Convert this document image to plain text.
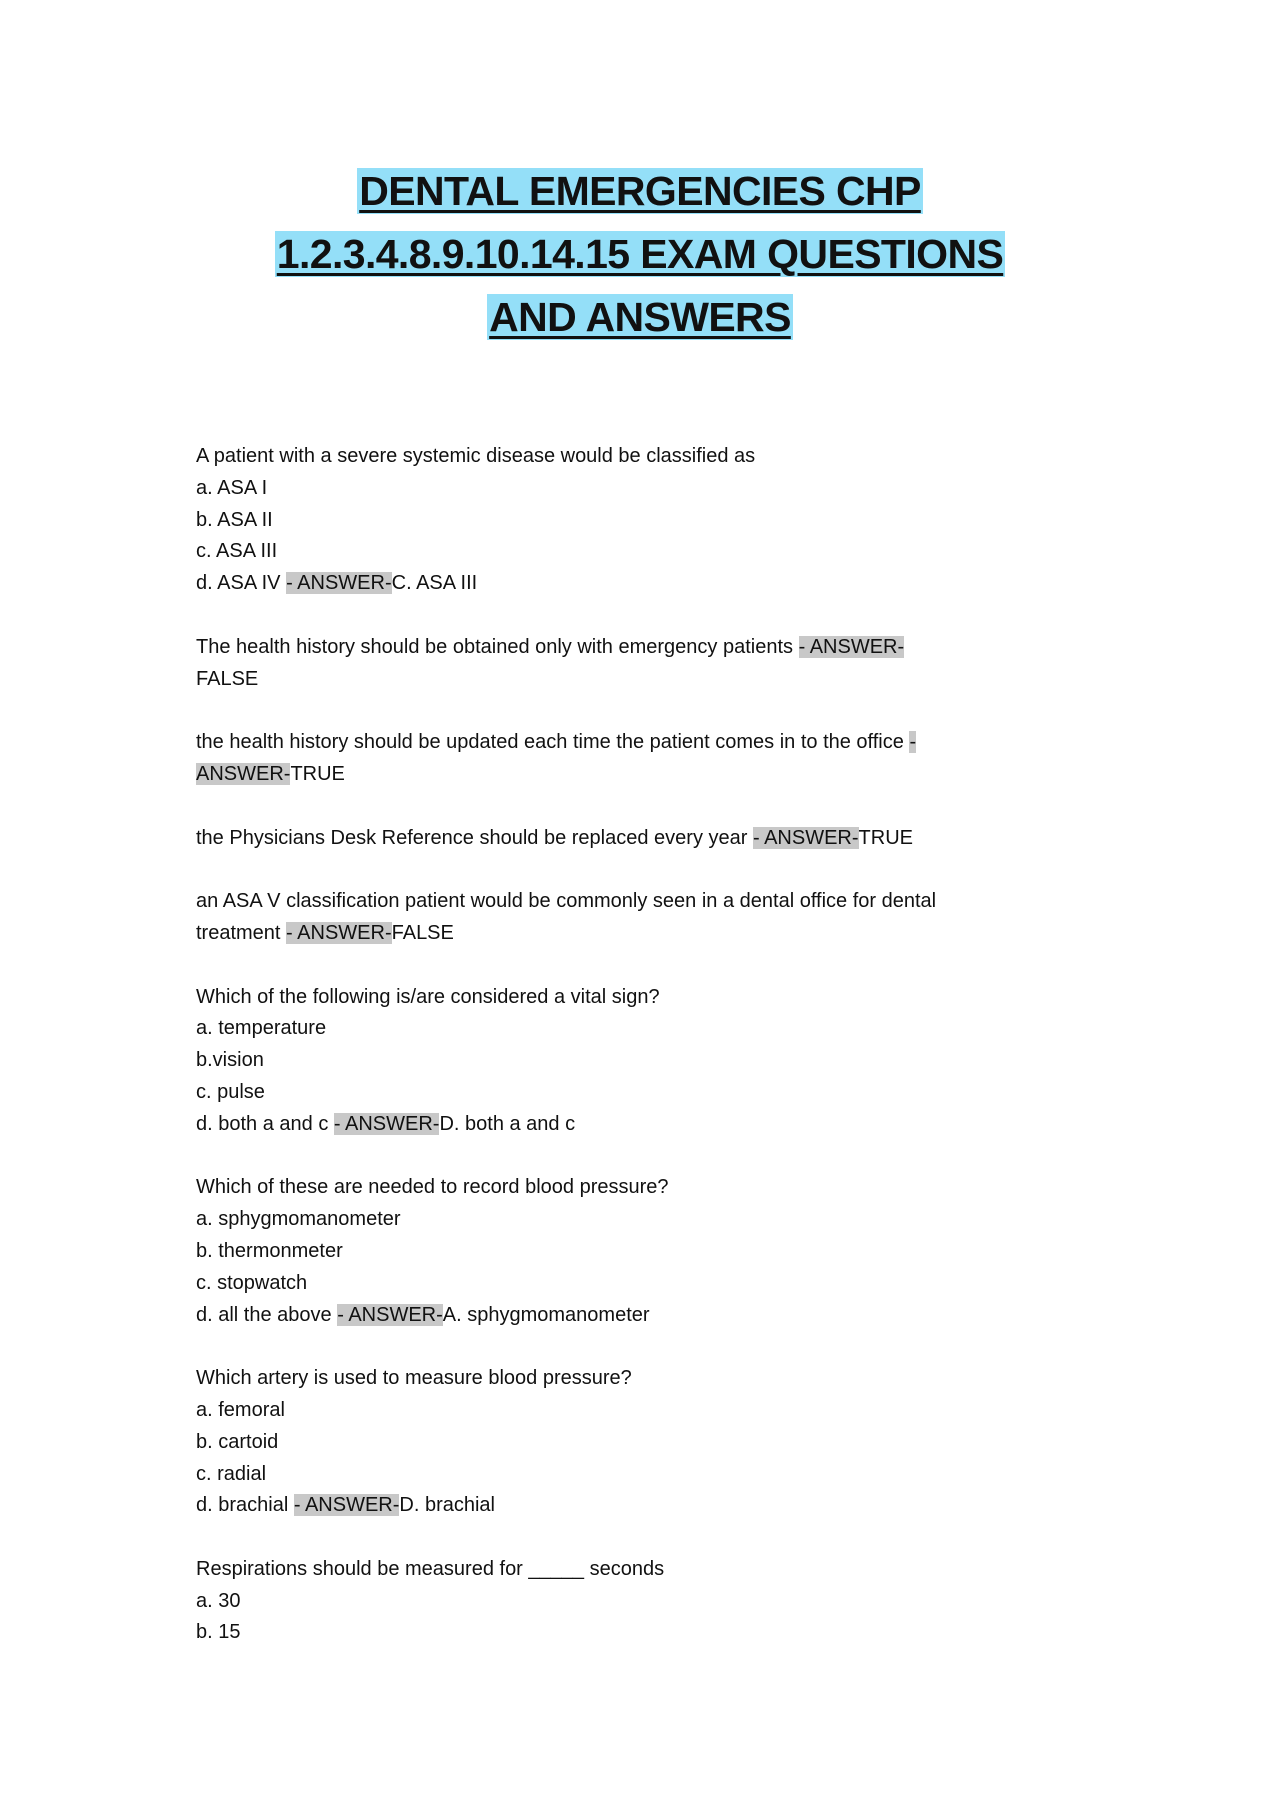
DENTAL EMERGENCIES CHP
1.2.3.4.8.9.10.14.15 EXAM QUESTIONS
AND ANSWERS
A patient with a severe systemic disease would be classified as
a. ASA I
b. ASA II
c. ASA III
d. ASA IV - ANSWER-C. ASA III
The health history should be obtained only with emergency patients - ANSWER-
FALSE
the health history should be updated each time the patient comes in to the office -
ANSWER-TRUE
the Physicians Desk Reference should be replaced every year - ANSWER-TRUE
an ASA V classification patient would be commonly seen in a dental office for dental
treatment - ANSWER-FALSE
Which of the following is/are considered a vital sign?
a. temperature
b.vision
c. pulse
d. both a and c - ANSWER-D. both a and c
Which of these are needed to record blood pressure?
a. sphygmomanometer
b. thermonmeter
c. stopwatch
d. all the above - ANSWER-A. sphygmomanometer
Which artery is used to measure blood pressure?
a. femoral
b. cartoid
c. radial
d. brachial - ANSWER-D. brachial
Respirations should be measured for _____ seconds
a. 30
b. 15
